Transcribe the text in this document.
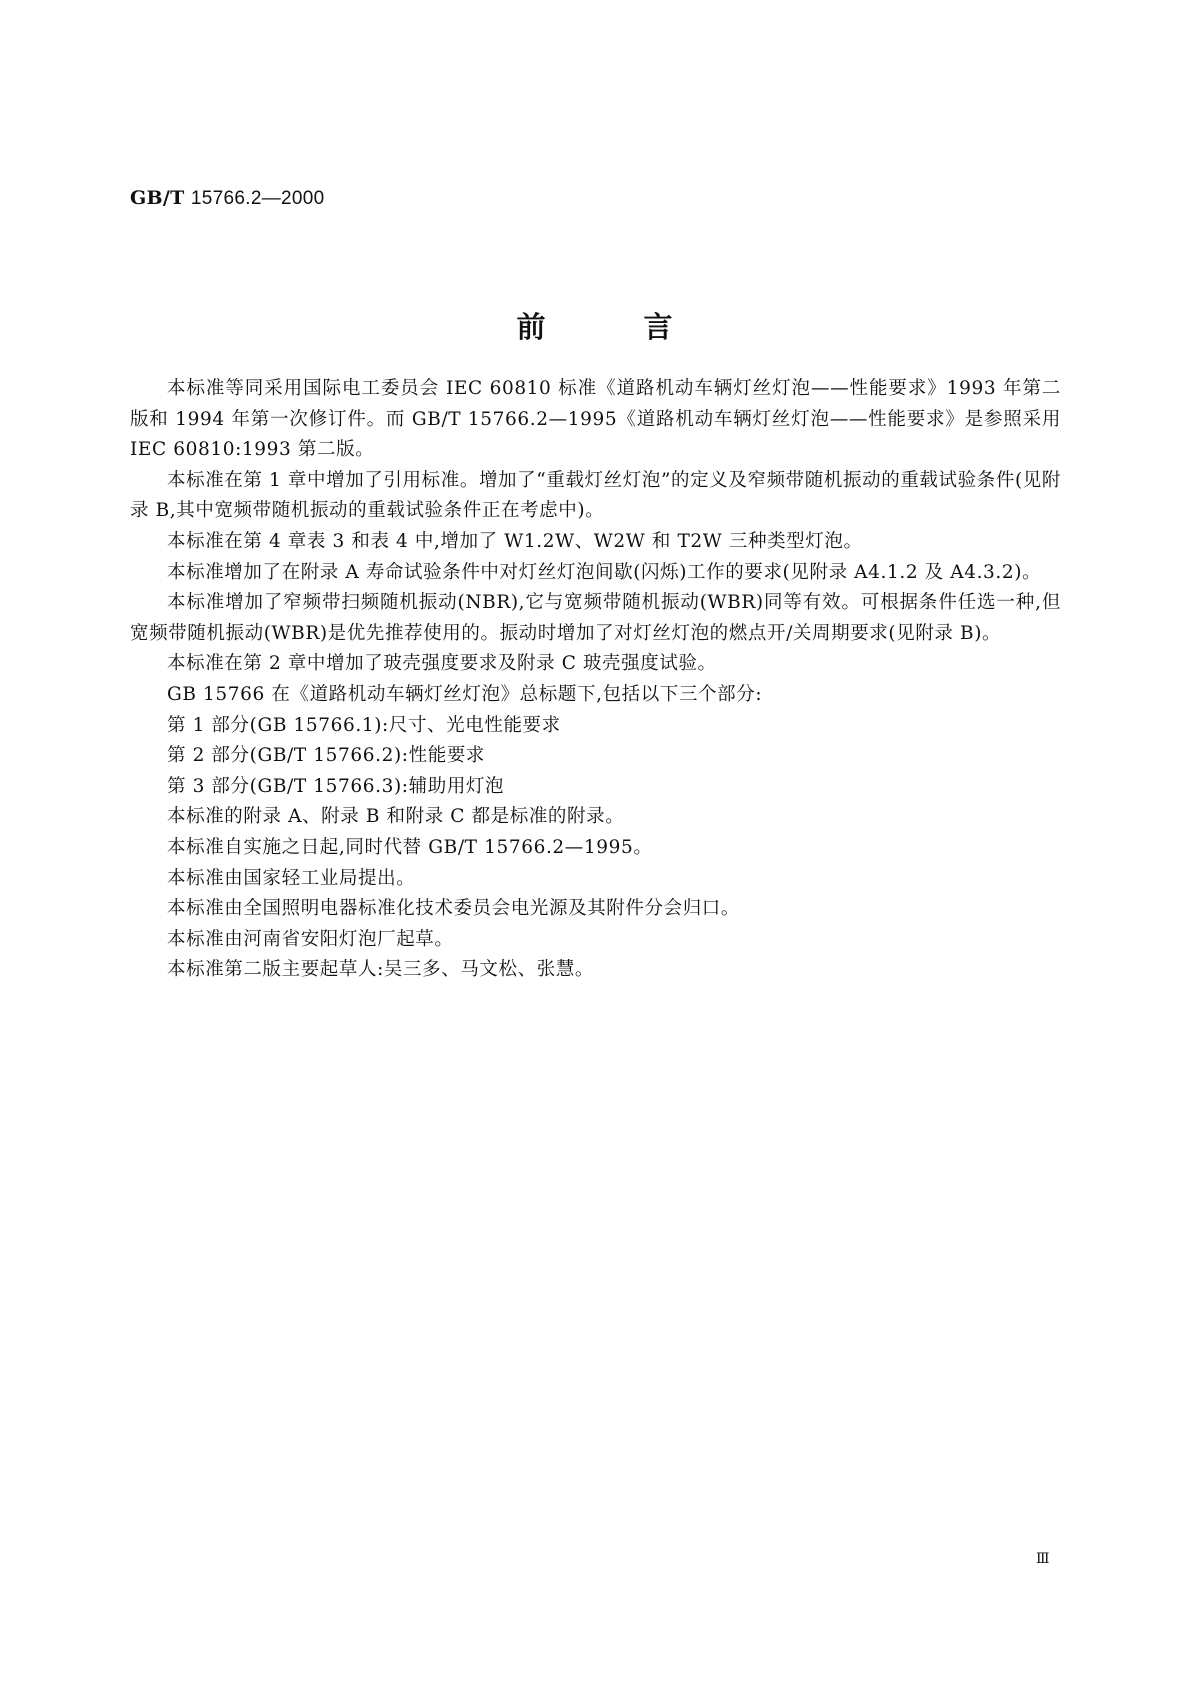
GB/T 15766.2—2000
前	言

本标准等同采用国际电工委员会 IEC 60810 标准《道路机动车辆灯丝灯泡——性能要求》1993 年第二版和 1994 年第一次修订件。而 GB/T 15766.2—1995《道路机动车辆灯丝灯泡——性能要求》是参照采用 IEC 60810:1993 第二版。

本标准在第 1 章中增加了引用标准。增加了“重载灯丝灯泡”的定义及窄频带随机振动的重载试验条件(见附录 B,其中宽频带随机振动的重载试验条件正在考虑中)。

本标准在第 4 章表 3 和表 4 中,增加了 W1.2W、W2W 和 T2W 三种类型灯泡。

本标准增加了在附录 A 寿命试验条件中对灯丝灯泡间歇(闪烁)工作的要求(见附录 A4.1.2 及 A4.3.2)。

本标准增加了窄频带扫频随机振动(NBR),它与宽频带随机振动(WBR)同等有效。可根据条件任选一种,但宽频带随机振动(WBR)是优先推荐使用的。振动时增加了对灯丝灯泡的燃点开/关周期要求(见附录 B)。

本标准在第 2 章中增加了玻壳强度要求及附录 C 玻壳强度试验。

GB 15766 在《道路机动车辆灯丝灯泡》总标题下,包括以下三个部分:

第 1 部分(GB 15766.1):尺寸、光电性能要求

第 2 部分(GB/T 15766.2):性能要求

第 3 部分(GB/T 15766.3):辅助用灯泡

本标准的附录 A、附录 B 和附录 C 都是标准的附录。

本标准自实施之日起,同时代替 GB/T 15766.2—1995。

本标准由国家轻工业局提出。

本标准由全国照明电器标准化技术委员会电光源及其附件分会归口。

本标准由河南省安阳灯泡厂起草。

本标准第二版主要起草人:吴三多、马文松、张慧。

Ⅲ
